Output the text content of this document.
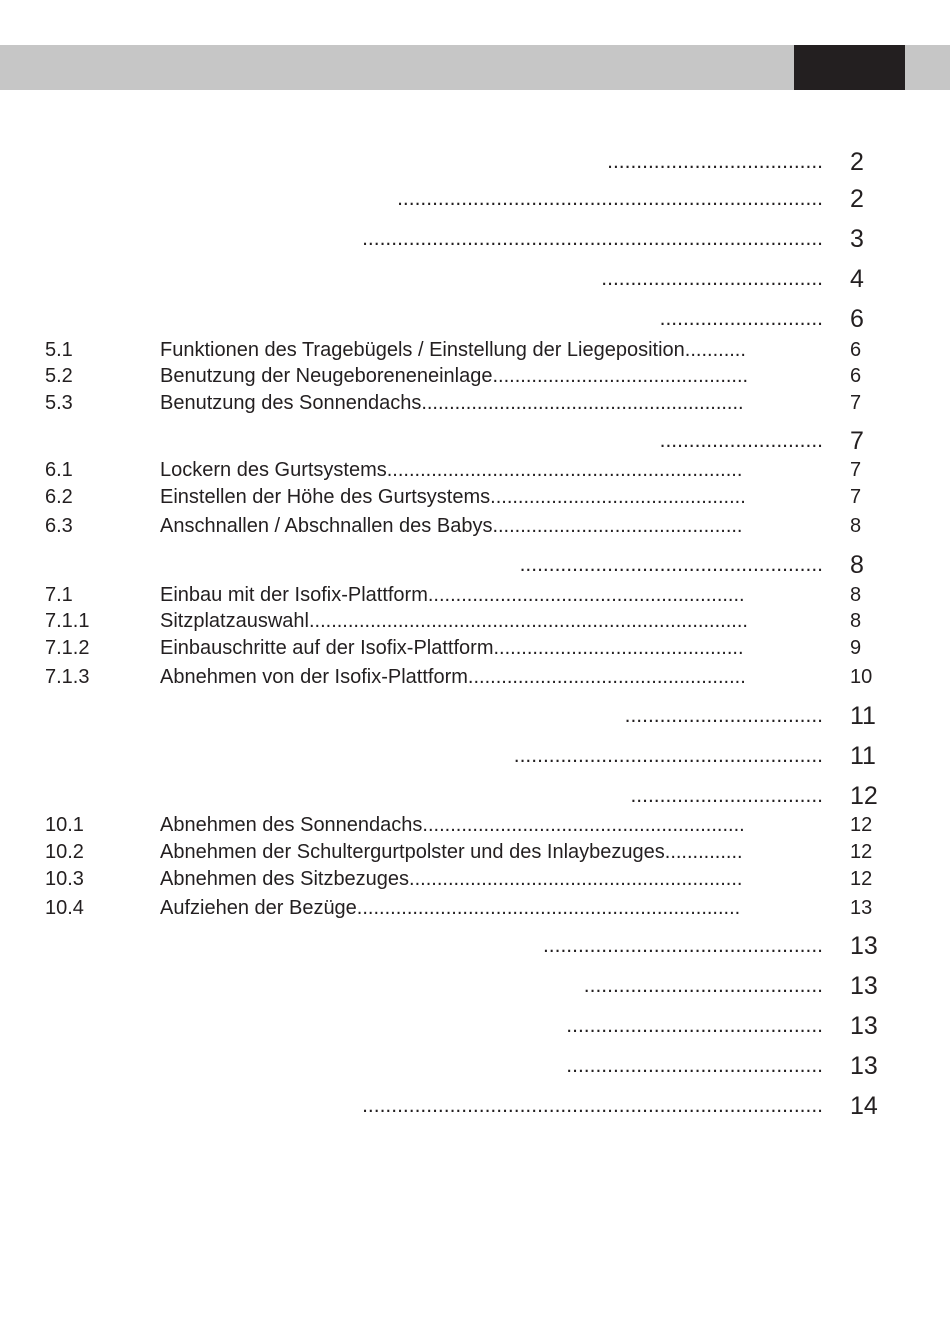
..................................... 2
......................................................................... 2
............................................................................... 3
...................................... 4
............................ 6
5.1	Funktionen des Tragebügels / Einstellung der Liegeposition...........	6
5.2	Benutzung der Neugeboreneneinlage..............................................	6
5.3	Benutzung des Sonnendachs..........................................................	7
............................ 7
6.1	Lockern des Gurtsystems................................................................	7
6.2	Einstellen der Höhe des Gurtsystems..............................................	7
6.3	Anschnallen / Abschnallen des Babys.............................................	8
.................................................... 8
7.1	Einbau mit der Isofix-Plattform.........................................................	8
7.1.1	Sitzplatzauswahl...............................................................................	8
7.1.2	Einbauschritte auf der Isofix-Plattform.............................................	9
7.1.3	Abnehmen von der Isofix-Plattform..................................................	10
.................................. 11
..................................................... 11
................................. 12
10.1	Abnehmen des Sonnendachs..........................................................	12
10.2	Abnehmen der Schultergurtpolster und des Inlaybezuges..............	12
10.3	Abnehmen des Sitzbezuges............................................................	12
10.4	Aufziehen der Bezüge.....................................................................	13
................................................ 13
......................................... 13
............................................ 13
............................................ 13
............................................................................... 14
